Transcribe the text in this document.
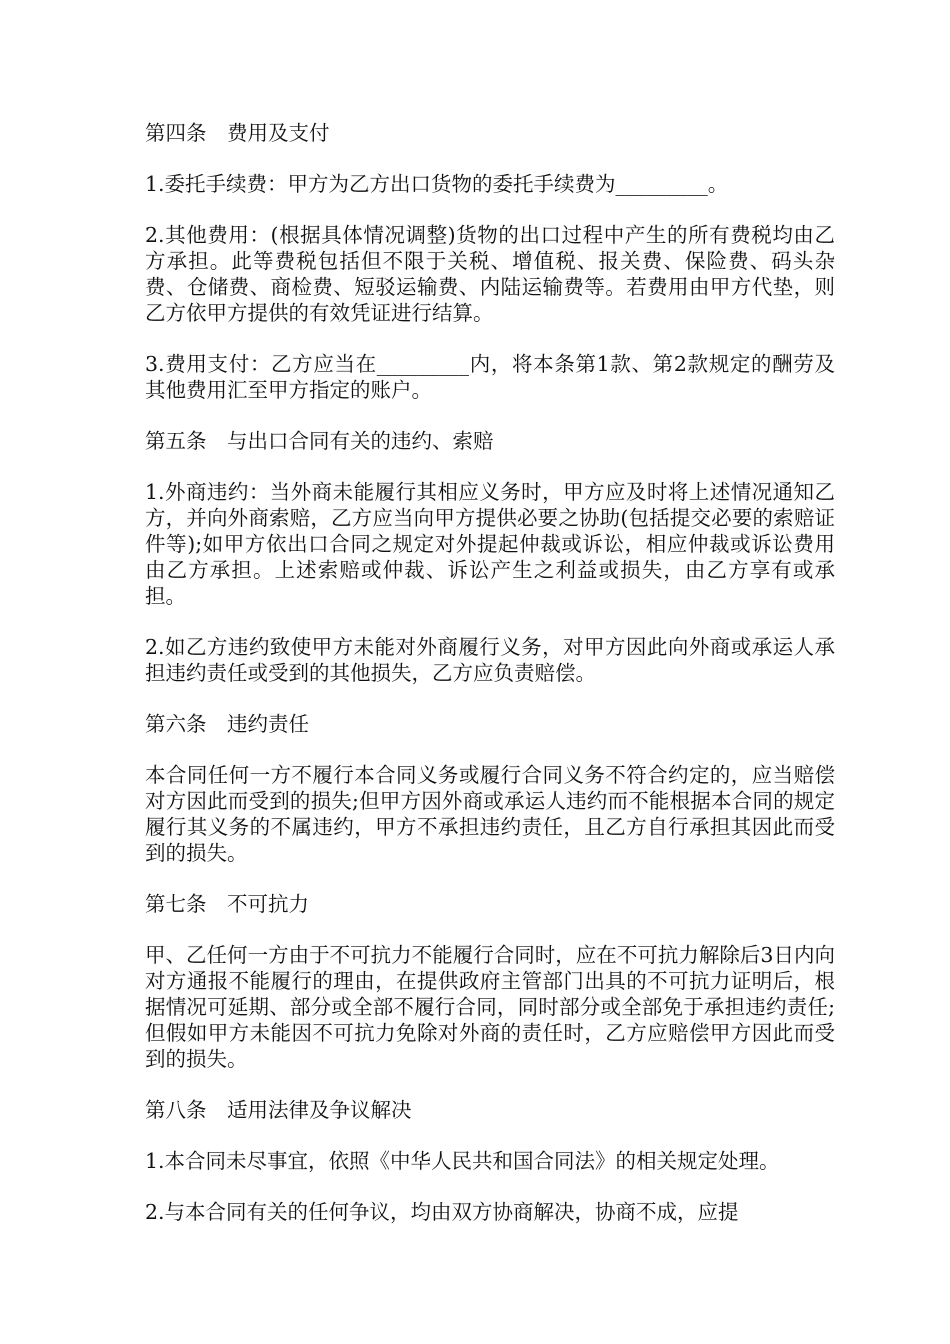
第四条　费用及支付
1.委托手续费：甲方为乙方出口货物的委托手续费为_________。
2.其他费用：(根据具体情况调整)货物的出口过程中产生的所有费税均由乙方承担。此等费税包括但不限于关税、增值税、报关费、保险费、码头杂费、仓储费、商检费、短驳运输费、内陆运输费等。若费用由甲方代垫，则乙方依甲方提供的有效凭证进行结算。
3.费用支付：乙方应当在_________内，将本条第1款、第2款规定的酬劳及其他费用汇至甲方指定的账户。
第五条　与出口合同有关的违约、索赔
1.外商违约：当外商未能履行其相应义务时，甲方应及时将上述情况通知乙方，并向外商索赔，乙方应当向甲方提供必要之协助(包括提交必要的索赔证件等);如甲方依出口合同之规定对外提起仲裁或诉讼，相应仲裁或诉讼费用由乙方承担。上述索赔或仲裁、诉讼产生之利益或损失，由乙方享有或承担。
2.如乙方违约致使甲方未能对外商履行义务，对甲方因此向外商或承运人承担违约责任或受到的其他损失，乙方应负责赔偿。
第六条　违约责任
本合同任何一方不履行本合同义务或履行合同义务不符合约定的，应当赔偿对方因此而受到的损失;但甲方因外商或承运人违约而不能根据本合同的规定履行其义务的不属违约，甲方不承担违约责任，且乙方自行承担其因此而受到的损失。
第七条　不可抗力
甲、乙任何一方由于不可抗力不能履行合同时，应在不可抗力解除后3日内向对方通报不能履行的理由，在提供政府主管部门出具的不可抗力证明后，根据情况可延期、部分或全部不履行合同，同时部分或全部免于承担违约责任;但假如甲方未能因不可抗力免除对外商的责任时，乙方应赔偿甲方因此而受到的损失。
第八条　适用法律及争议解决
1.本合同未尽事宜，依照《中华人民共和国合同法》的相关规定处理。
2.与本合同有关的任何争议，均由双方协商解决，协商不成，应提
